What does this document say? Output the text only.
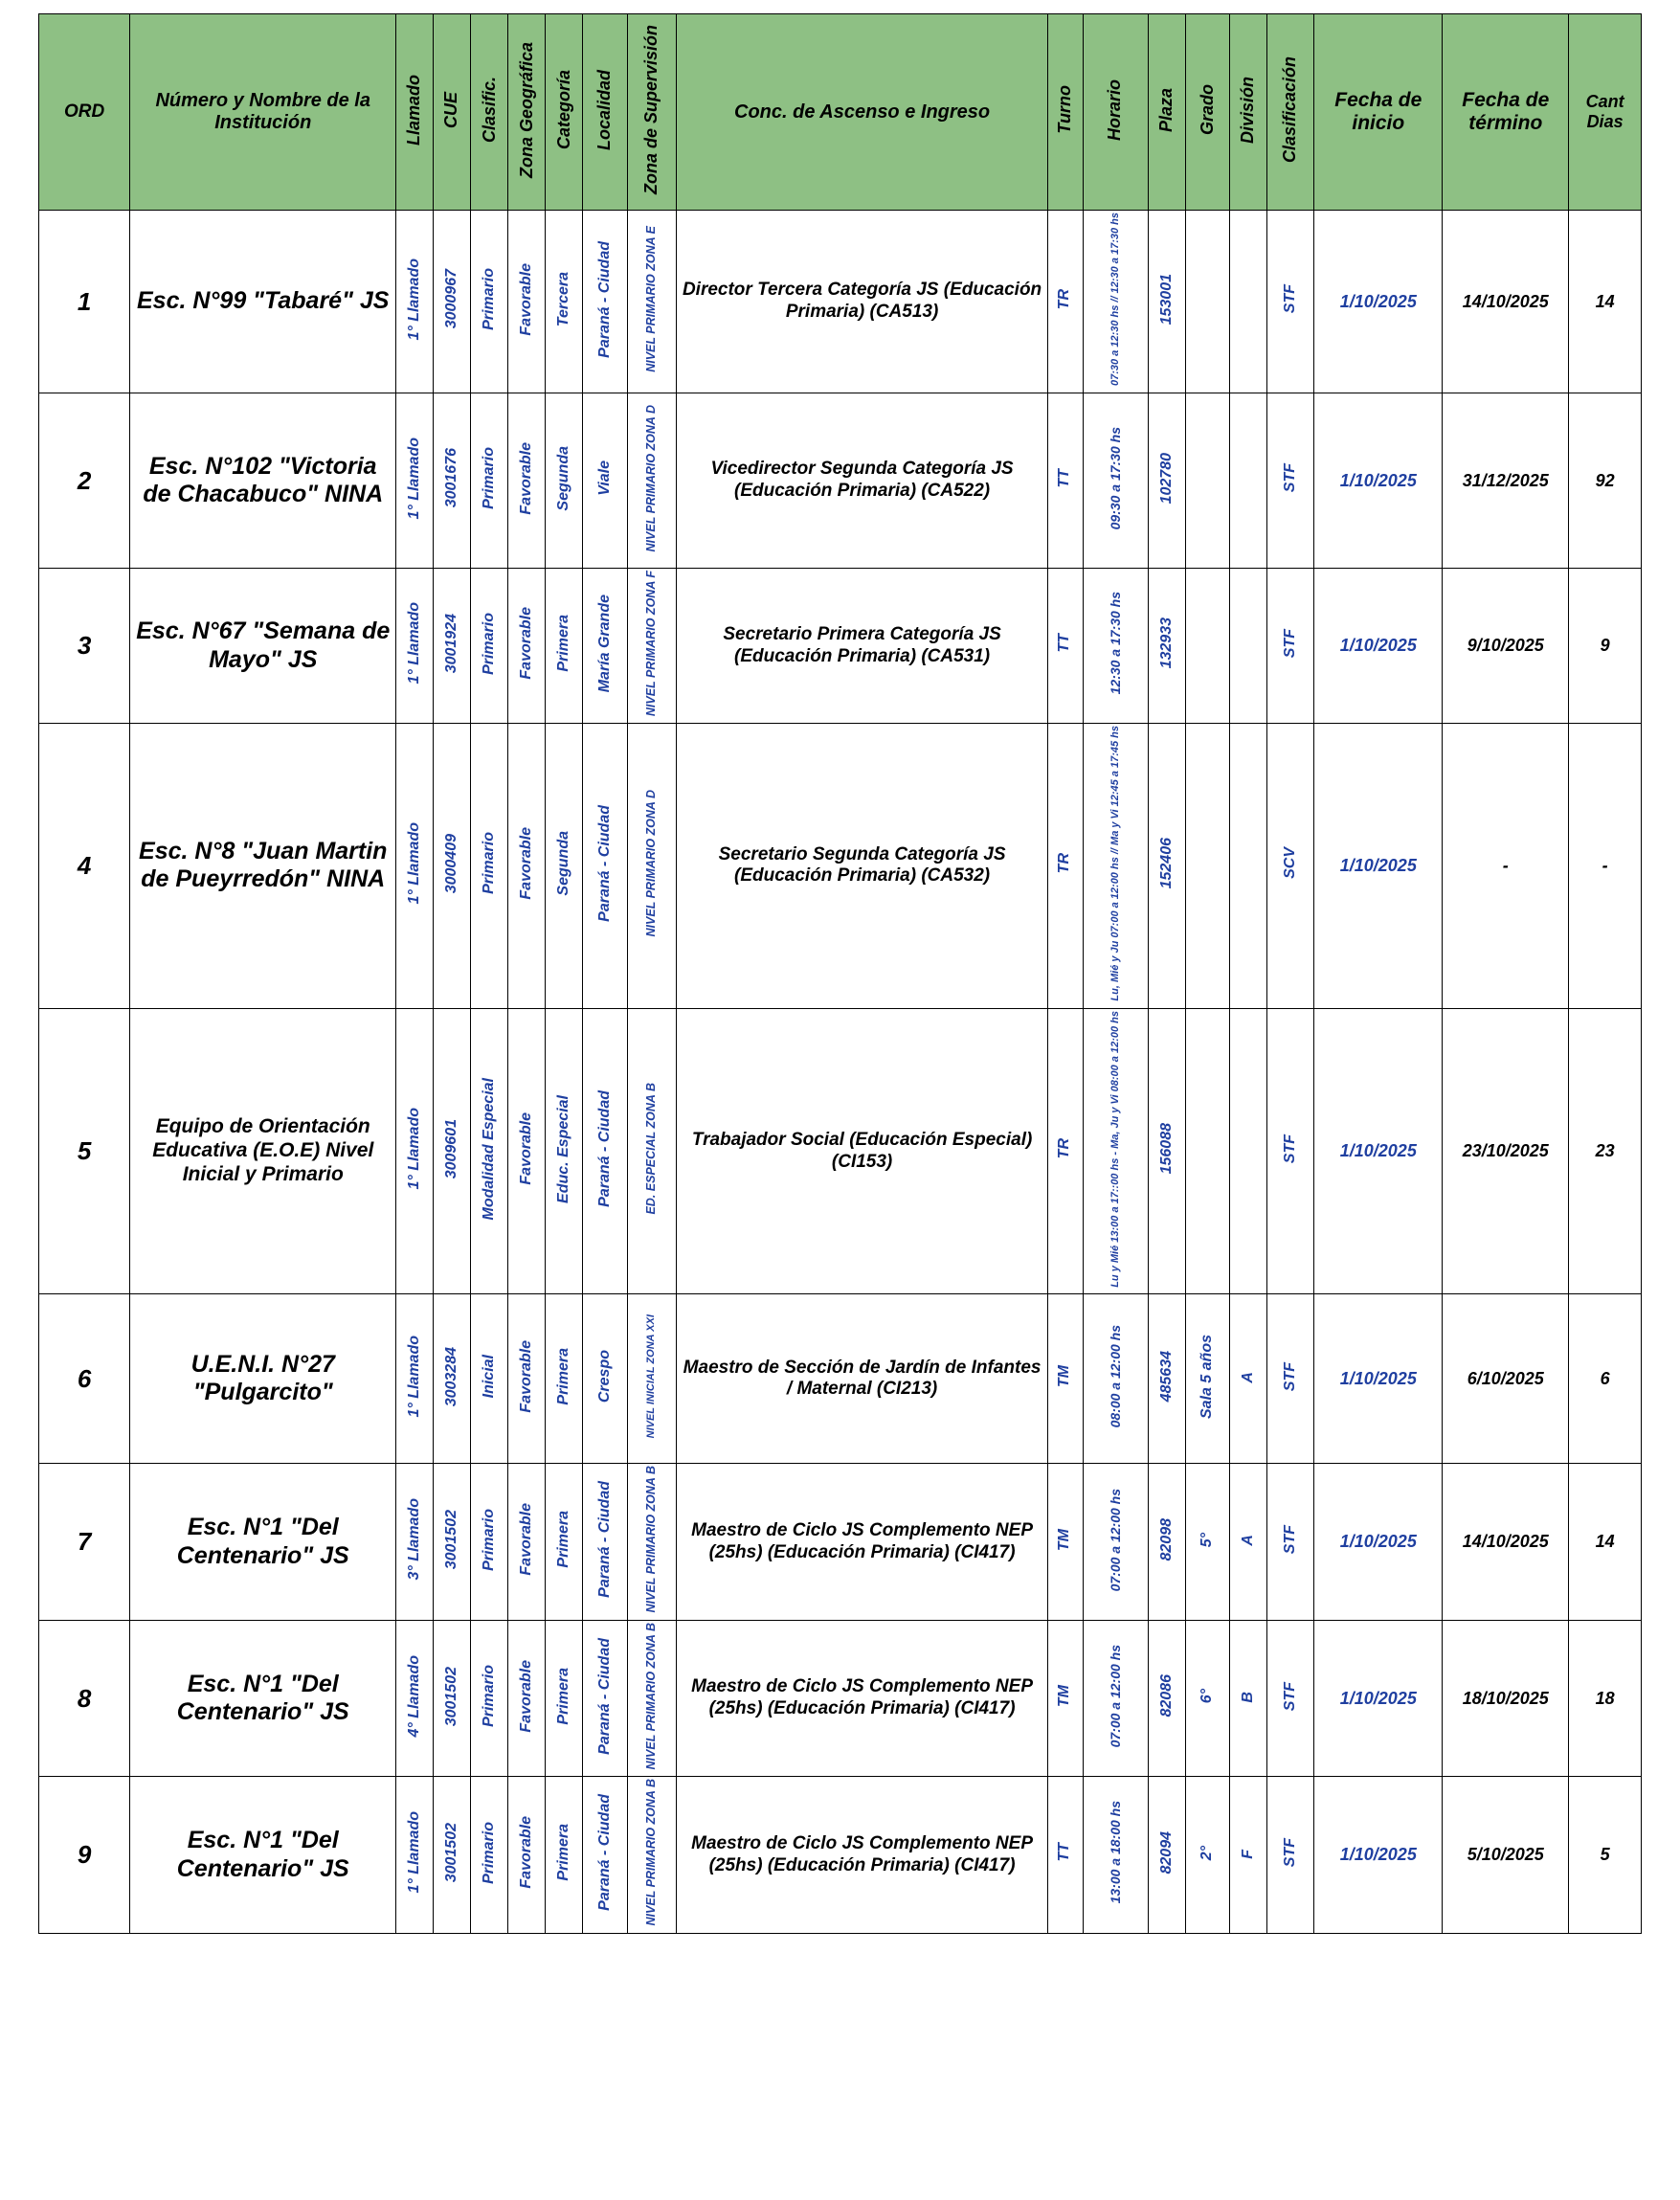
ORD	Número y Nombre de la Institución	Llamado	CUE	Clasific.	Zona Geográfica	Categoría	Localidad	Zona de Supervisión	Conc. de Ascenso e Ingreso	Turno	Horario	Plaza	Grado	División	Clasificación	Fecha de inicio	Fecha de término	Cant Dias
1	Esc. N°99 "Tabaré" JS	1° Llamado	3000967	Primario	Favorable	Tercera	Paraná - Ciudad	NIVEL PRIMARIO ZONA E	Director Tercera Categoría JS (Educación Primaria) (CA513)	TR	07:30 a 12:30 hs // 12:30 a 17:30 hs	153001			STF	1/10/2025	14/10/2025	14
2	Esc. N°102 "Victoria de Chacabuco" NINA	1° Llamado	3001676	Primario	Favorable	Segunda	Viale	NIVEL PRIMARIO ZONA D	Vicedirector Segunda Categoría JS (Educación Primaria) (CA522)	TT	09:30 a 17:30 hs	102780			STF	1/10/2025	31/12/2025	92
3	Esc. N°67 "Semana de Mayo" JS	1° Llamado	3001924	Primario	Favorable	Primera	María Grande	NIVEL PRIMARIO ZONA F	Secretario Primera Categoría JS (Educación Primaria) (CA531)	TT	12:30 a 17:30 hs	132933			STF	1/10/2025	9/10/2025	9
4	Esc. N°8 "Juan Martin de Pueyrredón" NINA	1° Llamado	3000409	Primario	Favorable	Segunda	Paraná - Ciudad	NIVEL PRIMARIO ZONA D	Secretario Segunda Categoría JS (Educación Primaria) (CA532)	TR	Lu, Mié y Ju 07:00 a 12:00 hs // Ma y Vi 12:45 a 17:45 hs	152406			SCV	1/10/2025	-	-
5	Equipo de Orientación Educativa (E.O.E) Nivel Inicial y Primario	1° Llamado	3009601	Modalidad Especial	Favorable	Educ. Especial	Paraná - Ciudad	ED. ESPECIAL ZONA B	Trabajador Social (Educación Especial) (CI153)	TR	Lu y Mié 13:00 a 17::00 hs - Ma, Ju y Vi 08:00 a 12:00 hs	156088			STF	1/10/2025	23/10/2025	23
6	U.E.N.I. N°27 "Pulgarcito"	1° Llamado	3003284	Inicial	Favorable	Primera	Crespo	NIVEL INICIAL ZONA XXI	Maestro de Sección de Jardín de Infantes / Maternal (CI213)	TM	08:00 a 12:00 hs	485634	Sala 5 años	A	STF	1/10/2025	6/10/2025	6
7	Esc. N°1 "Del Centenario" JS	3° Llamado	3001502	Primario	Favorable	Primera	Paraná - Ciudad	NIVEL PRIMARIO ZONA B	Maestro de Ciclo JS Complemento NEP (25hs) (Educación Primaria) (CI417)	TM	07:00 a 12:00 hs	82098	5°	A	STF	1/10/2025	14/10/2025	14
8	Esc. N°1 "Del Centenario" JS	4° Llamado	3001502	Primario	Favorable	Primera	Paraná - Ciudad	NIVEL PRIMARIO ZONA B	Maestro de Ciclo JS Complemento NEP (25hs) (Educación Primaria) (CI417)	TM	07:00 a 12:00 hs	82086	6°	B	STF	1/10/2025	18/10/2025	18
9	Esc. N°1 "Del Centenario" JS	1° Llamado	3001502	Primario	Favorable	Primera	Paraná - Ciudad	NIVEL PRIMARIO ZONA B	Maestro de Ciclo JS Complemento NEP (25hs) (Educación Primaria) (CI417)	TT	13:00 a 18:00 hs	82094	2°	F	STF	1/10/2025	5/10/2025	5
